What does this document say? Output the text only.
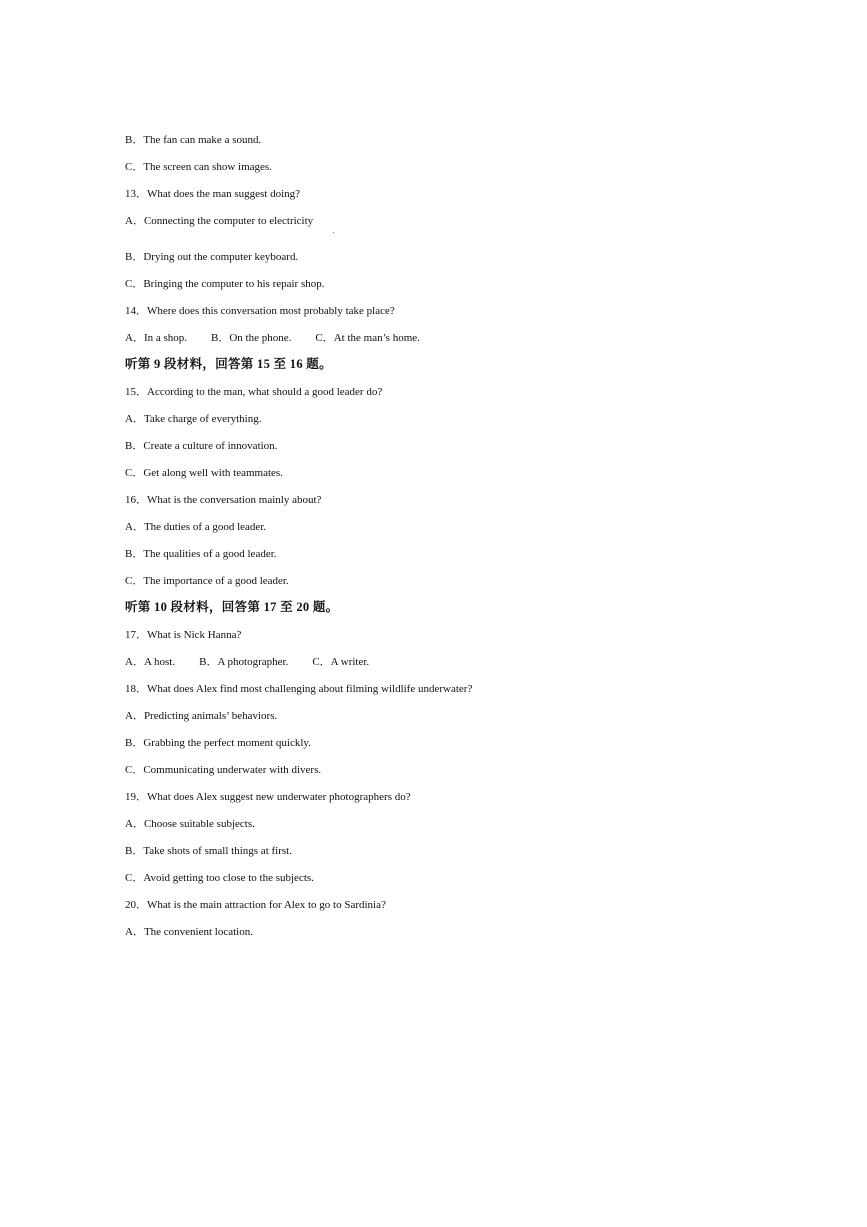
B．The fan can make a sound.
C．The screen can show images.
13．What does the man suggest doing?
A．Connecting the computer to electricity
B．Drying out the computer keyboard.
C．Bringing the computer to his repair shop.
14．Where does this conversation most probably take place?
A．In a shop. B．On the phone. C．At the man’s home.
听第 9 段材料，回答第 15 至 16 题。
15．According to the man, what should a good leader do?
A．Take charge of everything.
B．Create a culture of innovation.
C．Get along well with teammates.
16．What is the conversation mainly about?
A．The duties of a good leader.
B．The qualities of a good leader.
C．The importance of a good leader.
听第 10 段材料，回答第 17 至 20 题。
17．What is Nick Hanna?
A．A host. B．A photographer. C．A writer.
18．What does Alex find most challenging about filming wildlife underwater?
A．Predicting animals’ behaviors.
B．Grabbing the perfect moment quickly.
C．Communicating underwater with divers.
19．What does Alex suggest new underwater photographers do?
A．Choose suitable subjects.
B．Take shots of small things at first.
C．Avoid getting too close to the subjects.
20．What is the main attraction for Alex to go to Sardinia?
A．The convenient location.
